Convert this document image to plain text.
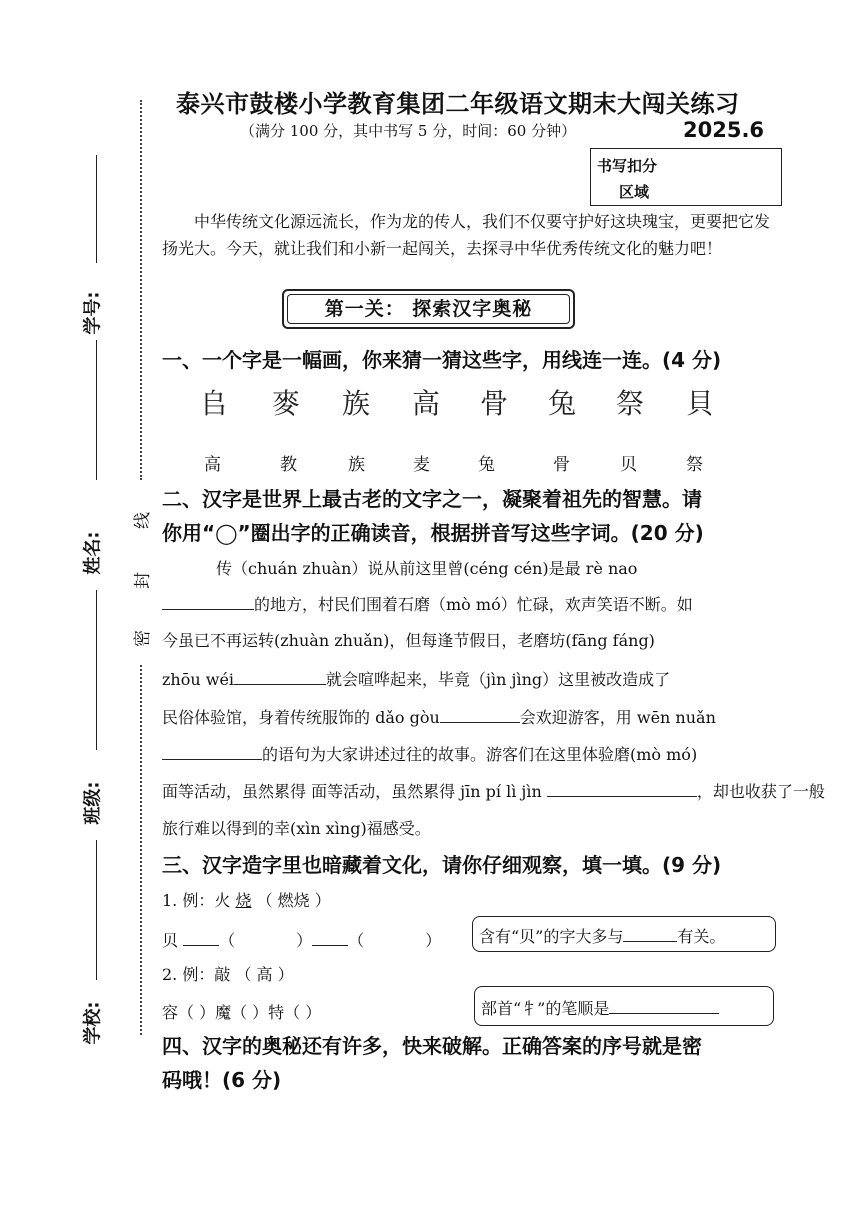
学号:
姓名:
班级:
学校:
线
封
密
泰兴市鼓楼小学教育集团二年级语文期末大闯关练习
（满分 100 分，其中书写 5 分，时间：60 分钟）	2025.6
书写扣分
区域
中华传统文化源远流长，作为龙的传人，我们不仅要守护好这块瑰宝，更要把它发扬光大。今天，就让我们和小新一起闯关，去探寻中华优秀传统文化的魅力吧！
第一关： 探索汉字奥秘
一、一个字是一幅画，你来猜一猜这些字，用线连一连。(4 分)
𠂤 麥 族 高 骨 兔 祭 貝
高	教	族	麦	兔	骨	贝	祭
二、汉字是世界上最古老的文字之一，凝聚着祖先的智慧。请
你用“◯”圈出字的正确读音，根据拼音写这些字词。(20 分)
传（chuán zhuàn）说从前这里曾(céng cén)是最 rè nao
的地方，村民们围着石磨（mò mó）忙碌，欢声笑语不断。如
今虽已不再运转(zhuàn zhuǎn)，但每逢节假日，老磨坊(fāng fáng)
zhōu wéi	就会喧哗起来，毕竟（jìn jìng）这里被改造成了
民俗体验馆，身着传统服饰的 dǎo gòu	会欢迎游客，用 wēn nuǎn
的语句为大家讲述过往的故事。游客们在这里体验磨(mò mó)
面等活动，虽然累得 面等活动，虽然累得 jīn pí lì jìn	，却也收获了一般
旅行难以得到的幸(xìn xìng)福感受。
三、汉字造字里也暗藏着文化，请你仔细观察，填一填。(9 分)
1. 例：火 烧 （ 燃烧 ）
贝	（            ） （            ）	含有“贝”的字大多与	有关。
2. 例：敲 （ 高 ）
容（ ）魔（ ）特（ ）	部首“牜”的笔顺是
四、汉字的奥秘还有许多，快来破解。正确答案的序号就是密
码哦！(6 分)
